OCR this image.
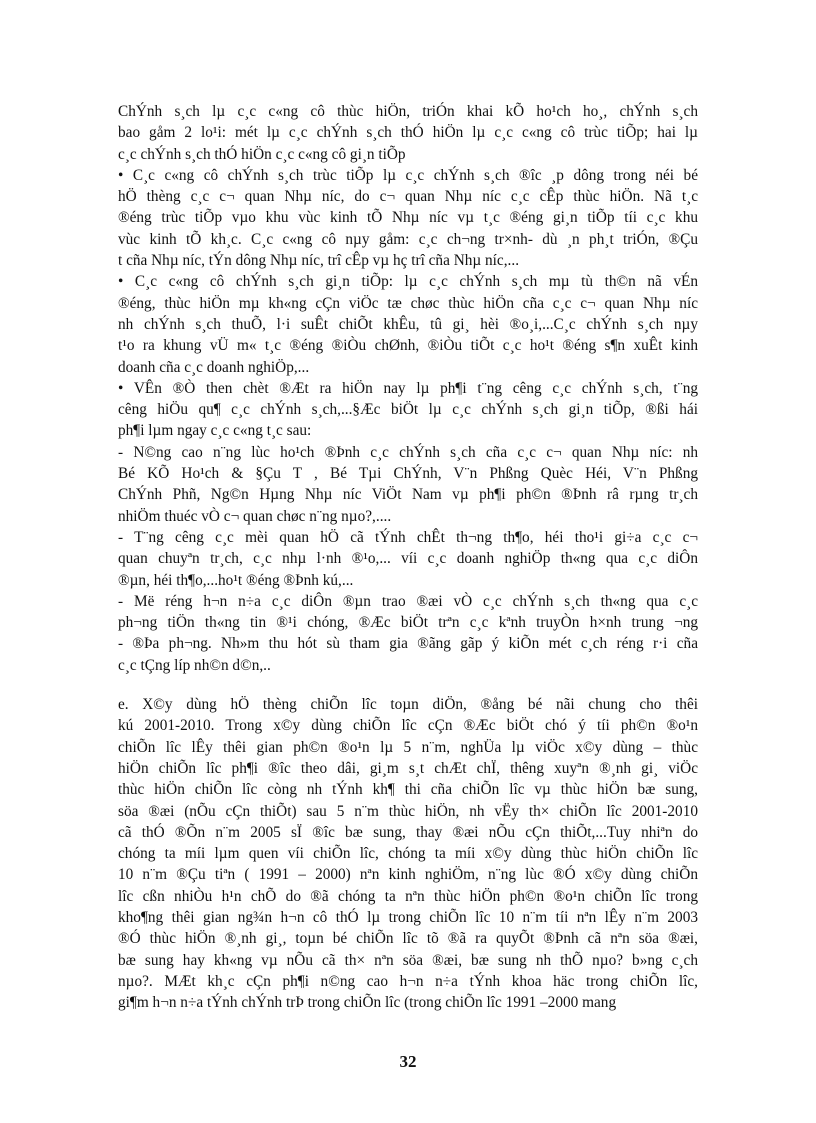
ChÝnh s¸ch lµ c¸c c«ng cô thùc hiÖn, triÓn khai kÕ ho¹ch ho¸, chÝnh s¸ch
bao gåm 2 lo¹i: mét lµ c¸c chÝnh s¸ch thÓ hiÖn lµ c¸c c«ng cô trùc tiÕp; hai lµ
c¸c chÝnh s¸ch thÓ hiÖn c¸c c«ng cô gi¸n tiÕp
• C¸c c«ng cô chÝnh s¸ch trùc tiÕp lµ c¸c chÝnh s¸ch ®îc ¸p dông trong néi bé
hÖ thèng c¸c c¬ quan Nhµ níc, do c¬ quan Nhµ níc c¸c cÊp thùc hiÖn. Nã t¸c
®éng trùc tiÕp vµo khu vùc kinh tÕ Nhµ níc vµ t¸c ®éng gi¸n tiÕp tíi c¸c khu
vùc kinh tÕ kh¸c. C¸c c«ng cô nµy gåm: c¸c ch¬ng tr×nh- dù ¸n ph¸t triÓn, ®Çu
t cña Nhµ níc, tÝn dông Nhµ níc, trî cÊp vµ hç trî cña Nhµ níc,...
• C¸c c«ng cô chÝnh s¸ch gi¸n tiÕp: lµ c¸c chÝnh s¸ch mµ tù th©n nã vÉn
®éng, thùc hiÖn mµ kh«ng cÇn viÖc tæ chøc thùc hiÖn cña c¸c c¬ quan Nhµ níc
nh chÝnh s¸ch thuÕ, l·i suÊt chiÕt khÊu, tû gi¸ hèi ®o¸i,...C¸c chÝnh s¸ch nµy
t¹o ra khung vÜ m« t¸c ®éng ®iÒu chØnh, ®iÒu tiÕt c¸c ho¹t ®éng s¶n xuÊt kinh
doanh cña c¸c doanh nghiÖp,...
• VÊn ®Ò then chèt ®Æt ra hiÖn nay lµ ph¶i t¨ng cêng c¸c chÝnh s¸ch, t¨ng
cêng hiÖu qu¶ c¸c chÝnh s¸ch,...§Æc biÖt lµ c¸c chÝnh s¸ch gi¸n tiÕp, ®ßi hái
ph¶i lµm ngay c¸c c«ng t¸c sau:
- N©ng cao n¨ng lùc ho¹ch ®Þnh c¸c chÝnh s¸ch cña c¸c c¬ quan Nhµ níc: nh
Bé KÕ Ho¹ch & §Çu T , Bé Tµi ChÝnh, V¨n Phßng Quèc Héi, V¨n Phßng
ChÝnh Phñ, Ng©n Hµng Nhµ níc ViÖt Nam vµ ph¶i ph©n ®Þnh râ rµng tr¸ch
nhiÖm thuéc vÒ c¬ quan chøc n¨ng nµo?,....
- T¨ng cêng c¸c mèi quan hÖ cã tÝnh chÊt th¬ng th¶o, héi tho¹i gi÷a c¸c c¬
quan chuyªn tr¸ch, c¸c nhµ l·nh ®¹o,... víi c¸c doanh nghiÖp th«ng qua c¸c diÔn
®µn, héi th¶o,...ho¹t ®éng ®Þnh kú,...
- Më réng h¬n n÷a c¸c diÔn ®µn trao ®æi vÒ c¸c chÝnh s¸ch th«ng qua c¸c
ph¬ng tiÖn th«ng tin ®¹i chóng, ®Æc biÖt trªn c¸c kªnh truyÒn h×nh trung ¬ng
- ®Þa ph¬ng. Nh»m thu hót sù tham gia ®ãng gãp ý kiÕn mét c¸ch réng r·i cña
c¸c tÇng líp nh©n d©n,..
e. X©y dùng hÖ thèng chiÕn lîc toµn diÖn, ®ång bé nãi chung cho thêi
kú 2001-2010. Trong x©y dùng chiÕn lîc cÇn ®Æc biÖt chó ý tíi ph©n ®o¹n
chiÕn lîc lÊy thêi gian ph©n ®o¹n lµ 5 n¨m, nghÜa lµ viÖc x©y dùng – thùc
hiÖn chiÕn lîc ph¶i ®îc theo dâi, gi¸m s¸t chÆt chÏ, thêng xuyªn ®¸nh gi¸ viÖc
thùc hiÖn chiÕn lîc còng nh tÝnh kh¶ thi cña chiÕn lîc vµ thùc hiÖn bæ sung,
söa ®æi (nÕu cÇn thiÕt) sau 5 n¨m thùc hiÖn, nh vËy th× chiÕn lîc 2001-2010
cã thÓ ®Õn n¨m 2005 sÏ ®îc bæ sung, thay ®æi nÕu cÇn thiÕt,...Tuy nhiªn do
chóng ta míi lµm quen víi chiÕn lîc, chóng ta míi x©y dùng thùc hiÖn chiÕn lîc
10 n¨m ®Çu tiªn ( 1991 – 2000) nªn kinh nghiÖm, n¨ng lùc ®Ó x©y dùng chiÕn
lîc cßn nhiÒu h¹n chÕ do ®ã chóng ta nªn thùc hiÖn ph©n ®o¹n chiÕn lîc trong
kho¶ng thêi gian ng¾n h¬n cô thÓ lµ trong chiÕn lîc 10 n¨m tíi nªn lÊy n¨m 2003
®Ó thùc hiÖn ®¸nh gi¸, toµn bé chiÕn lîc tõ ®ã ra quyÕt ®Þnh cã nªn söa ®æi,
bæ sung hay kh«ng vµ nÕu cã th× nªn söa ®æi, bæ sung nh thÕ nµo? b»ng c¸ch
nµo?. MÆt kh¸c cÇn ph¶i n©ng cao h¬n n÷a tÝnh khoa häc trong chiÕn lîc,
gi¶m h¬n n÷a tÝnh chÝnh trÞ trong chiÕn lîc (trong chiÕn lîc 1991 –2000 mang
32
